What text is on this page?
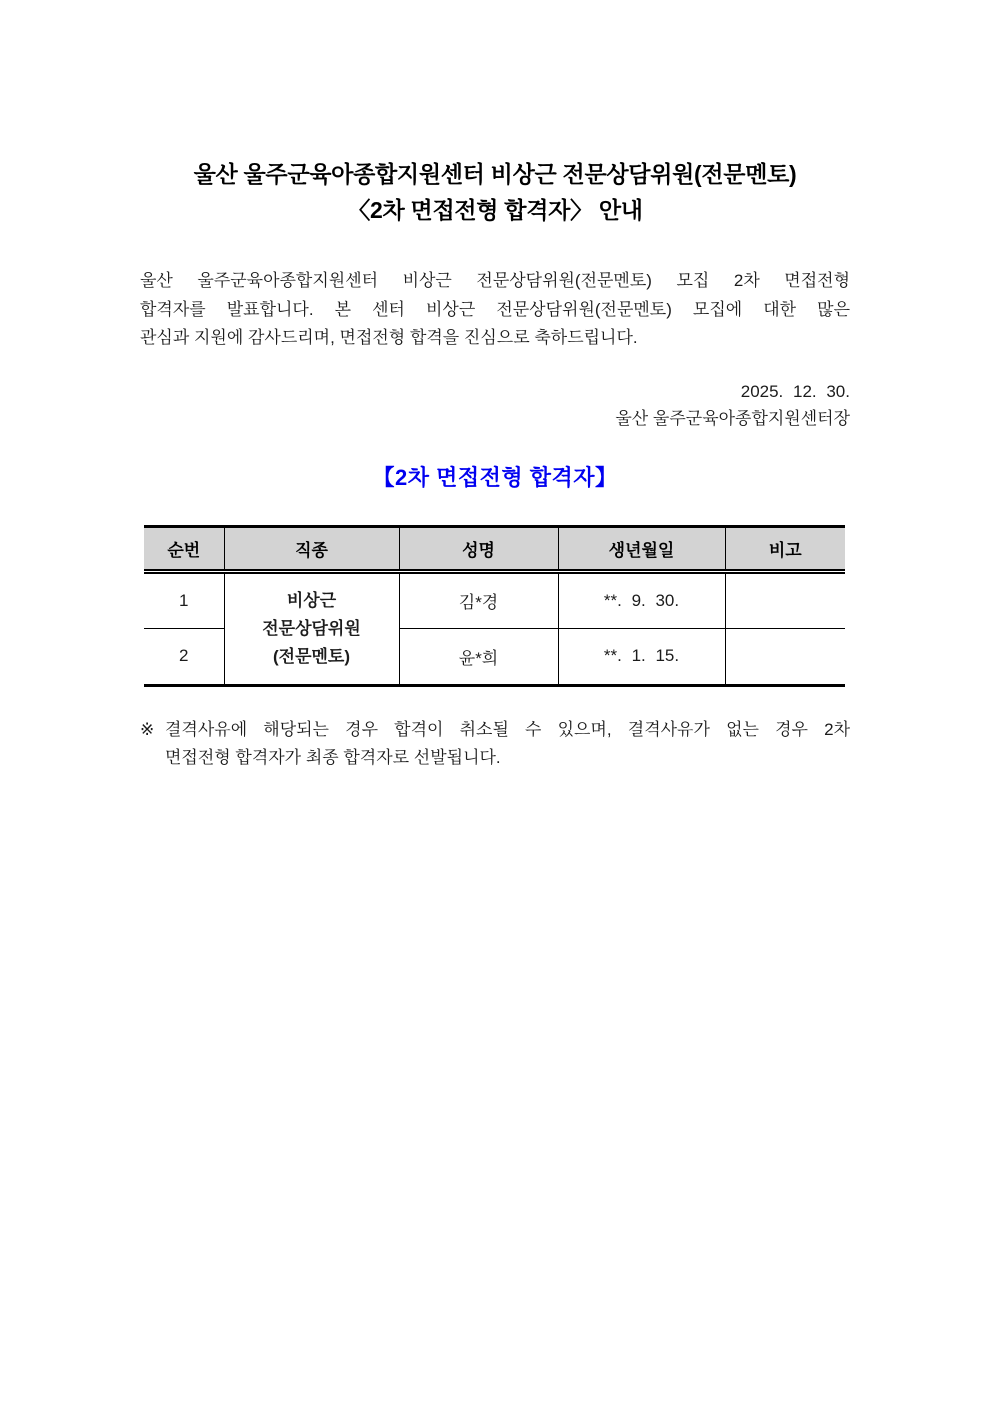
울산 울주군육아종합지원센터 비상근 전문상담위원(전문멘토)
〈2차 면접전형 합격자〉 안내
울산 울주군육아종합지원센터 비상근 전문상담위원(전문멘토) 모집 2차 면접전형
합격자를 발표합니다. 본 센터 비상근 전문상담위원(전문멘토) 모집에 대한 많은
관심과 지원에 감사드리며, 면접전형 합격을 진심으로 축하드립니다.
2025. 12. 30.
울산 울주군육아종합지원센터장
【2차 면접전형 합격자】
순번	직종	성명	생년월일	비고
1	비상근
전문상담위원
(전문멘토)	김*경	**. 9. 30.	
2		윤*희	**. 1. 15.	
※ 결격사유에 해당되는 경우 합격이 취소될 수 있으며, 결격사유가 없는 경우 2차
면접전형 합격자가 최종 합격자로 선발됩니다.
